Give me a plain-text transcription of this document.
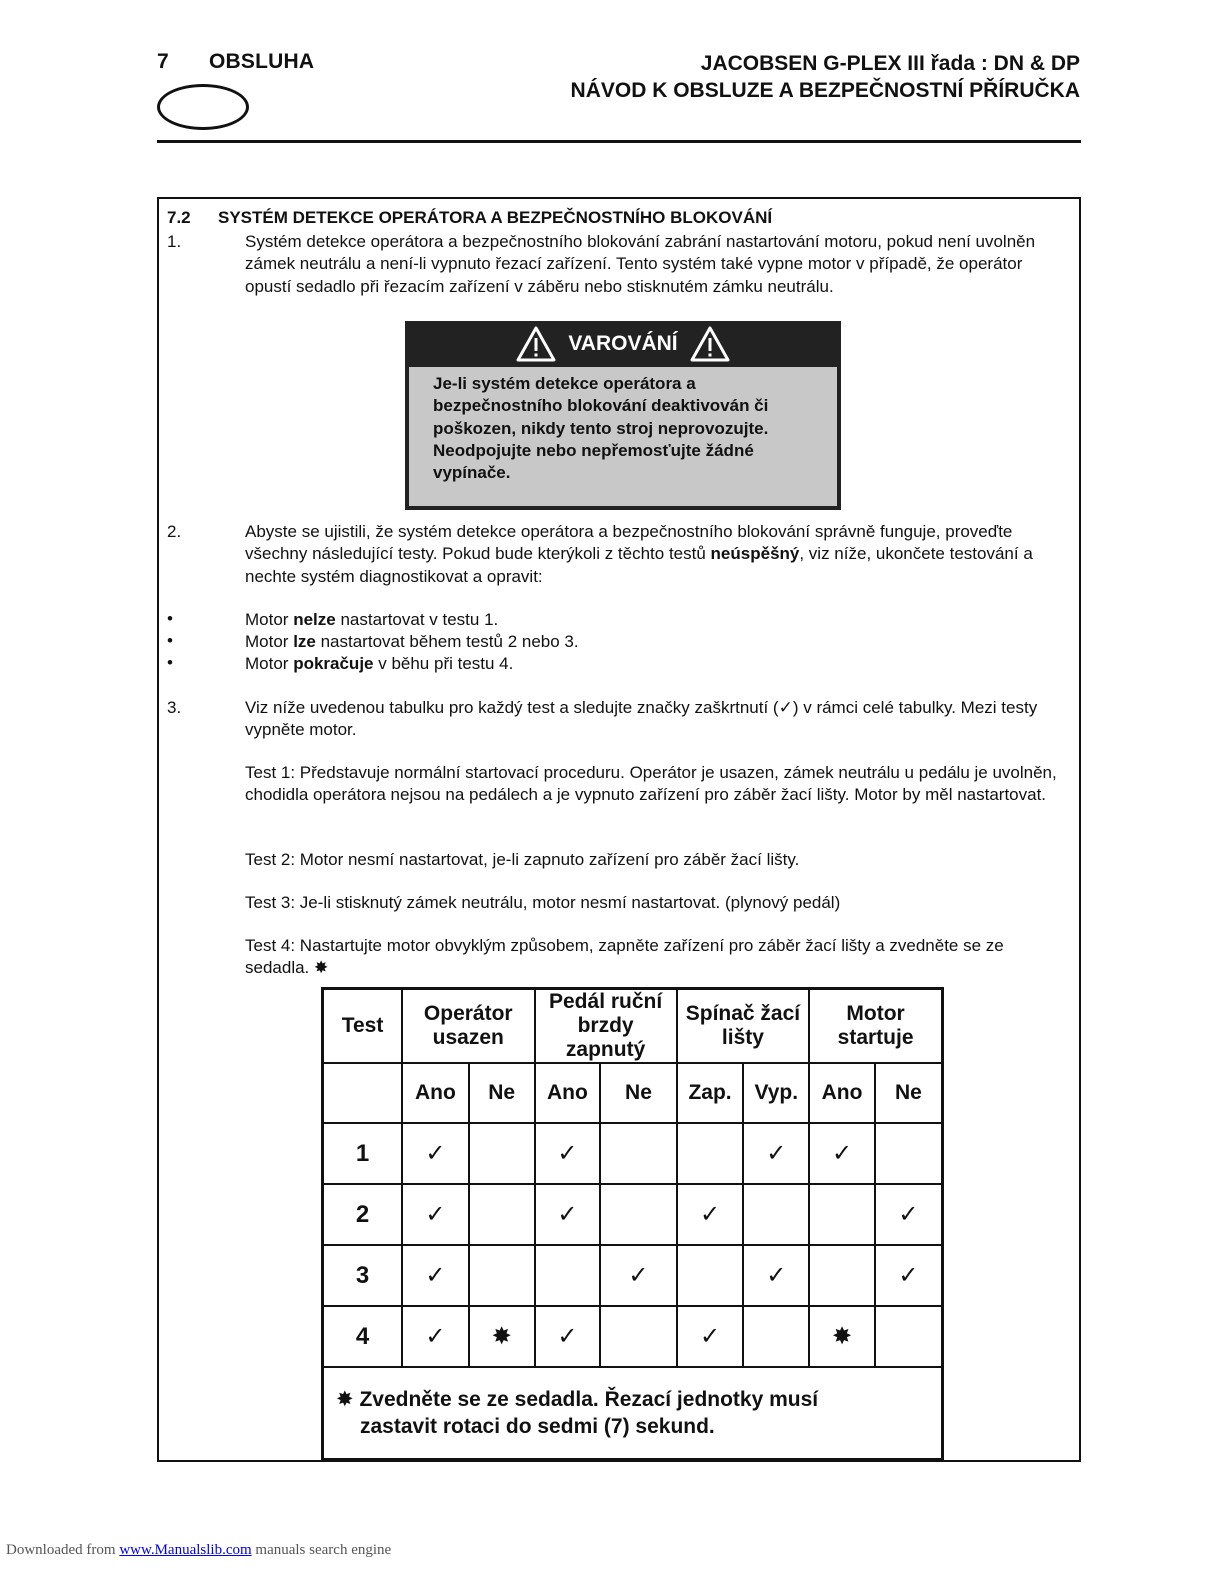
7 OBSLUHA	JACOBSEN G-PLEX III řada : DN & DP
NÁVOD K OBSLUZE A BEZPEČNOSTNÍ PŘÍRUČKA
7.2 SYSTÉM DETEKCE OPERÁTORA A BEZPEČNOSTNÍHO BLOKOVÁNÍ
1.	Systém detekce operátora a bezpečnostního blokování zabrání nastartování motoru, pokud není uvolněn zámek neutrálu a není-li vypnuto řezací zařízení. Tento systém také vypne motor v případě, že operátor opustí sedadlo při řezacím zařízení v záběru nebo stisknutém zámku neutrálu.
VAROVÁNÍ
Je-li systém detekce operátora a bezpečnostního blokování deaktivován či poškozen, nikdy tento stroj neprovozujte. Neodpojujte nebo nepřemosťujte žádné vypínače.
2.	Abyste se ujistili, že systém detekce operátora a bezpečnostního blokování správně funguje, proveďte všechny následující testy. Pokud bude kterýkoli z těchto testů neúspěšný, viz níže, ukončete testování a nechte systém diagnostikovat a opravit:
•	Motor nelze nastartovat v testu 1.
•	Motor lze nastartovat během testů 2 nebo 3.
•	Motor pokračuje v běhu při testu 4.
3.	Viz níže uvedenou tabulku pro každý test a sledujte značky zaškrtnutí (✓) v rámci celé tabulky. Mezi testy vypněte motor.
Test 1: Představuje normální startovací proceduru. Operátor je usazen, zámek neutrálu u pedálu je uvolněn, chodidla operátora nejsou na pedálech a je vypnuto zařízení pro záběr žací lišty. Motor by měl nastartovat.
Test 2: Motor nesmí nastartovat, je-li zapnuto zařízení pro záběr žací lišty.
Test 3: Je-li stisknutý zámek neutrálu, motor nesmí nastartovat. (plynový pedál)
Test 4: Nastartujte motor obvyklým způsobem, zapněte zařízení pro záběr žací lišty a zvedněte se ze sedadla. ✸
Test	Operátor usazen		Pedál ruční brzdy zapnutý		Spínač žací lišty		Motor startuje	
	Ano	Ne	Ano	Ne	Zap.	Vyp.	Ano	Ne
1	✓		✓			✓	✓	
2	✓		✓		✓			✓
3	✓			✓		✓		✓
4	✓	✸	✓		✓		✸	

✸ Zvedněte se ze sedadla. Řezací jednotky musí
zastavit rotaci do sedmi (7) sekund.								
Downloaded from www.Manualslib.com manuals search engine
